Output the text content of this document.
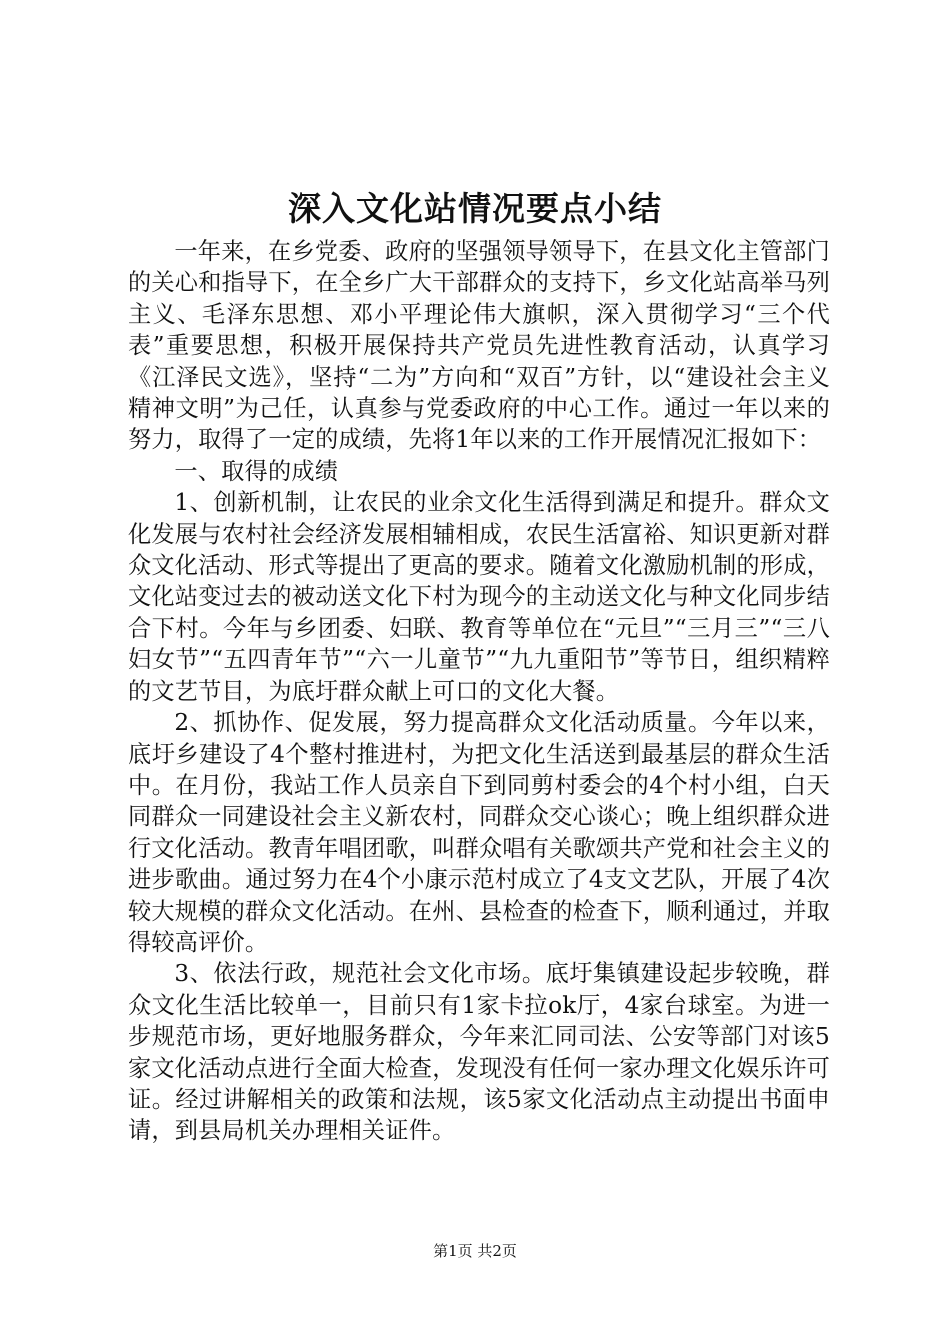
深入文化站情况要点小结

一年来，在乡党委、政府的坚强领导领导下，在县文化主管部门的关心和指导下，在全乡广大干部群众的支持下，乡文化站高举马列主义、毛泽东思想、邓小平理论伟大旗帜，深入贯彻学习“三个代表”重要思想，积极开展保持共产党员先进性教育活动，认真学习《江泽民文选》，坚持“二为”方向和“双百”方针，以“建设社会主义精神文明”为己任，认真参与党委政府的中心工作。通过一年以来的努力，取得了一定的成绩，先将1年以来的工作开展情况汇报如下：

一、取得的成绩

1、创新机制，让农民的业余文化生活得到满足和提升。群众文化发展与农村社会经济发展相辅相成，农民生活富裕、知识更新对群众文化活动、形式等提出了更高的要求。随着文化激励机制的形成，文化站变过去的被动送文化下村为现今的主动送文化与种文化同步结合下村。今年与乡团委、妇联、教育等单位在“元旦”“三月三”“三八妇女节”“五四青年节”“六一儿童节”“九九重阳节”等节日，组织精粹的文艺节目，为底圩群众献上可口的文化大餐。

2、抓协作、促发展，努力提高群众文化活动质量。今年以来，底圩乡建设了4个整村推进村，为把文化生活送到最基层的群众生活中。在月份，我站工作人员亲自下到同剪村委会的4个村小组，白天同群众一同建设社会主义新农村，同群众交心谈心；晚上组织群众进行文化活动。教青年唱团歌，叫群众唱有关歌颂共产党和社会主义的进步歌曲。通过努力在4个小康示范村成立了4支文艺队，开展了4次较大规模的群众文化活动。在州、县检查的检查下，顺利通过，并取得较高评价。

3、依法行政，规范社会文化市场。底圩集镇建设起步较晚，群众文化生活比较单一，目前只有1家卡拉ok厅，4家台球室。为进一步规范市场，更好地服务群众，今年来汇同司法、公安等部门对该5家文化活动点进行全面大检查，发现没有任何一家办理文化娱乐许可证。经过讲解相关的政策和法规，该5家文化活动点主动提出书面申请，到县局机关办理相关证件。

第1页 共2页
